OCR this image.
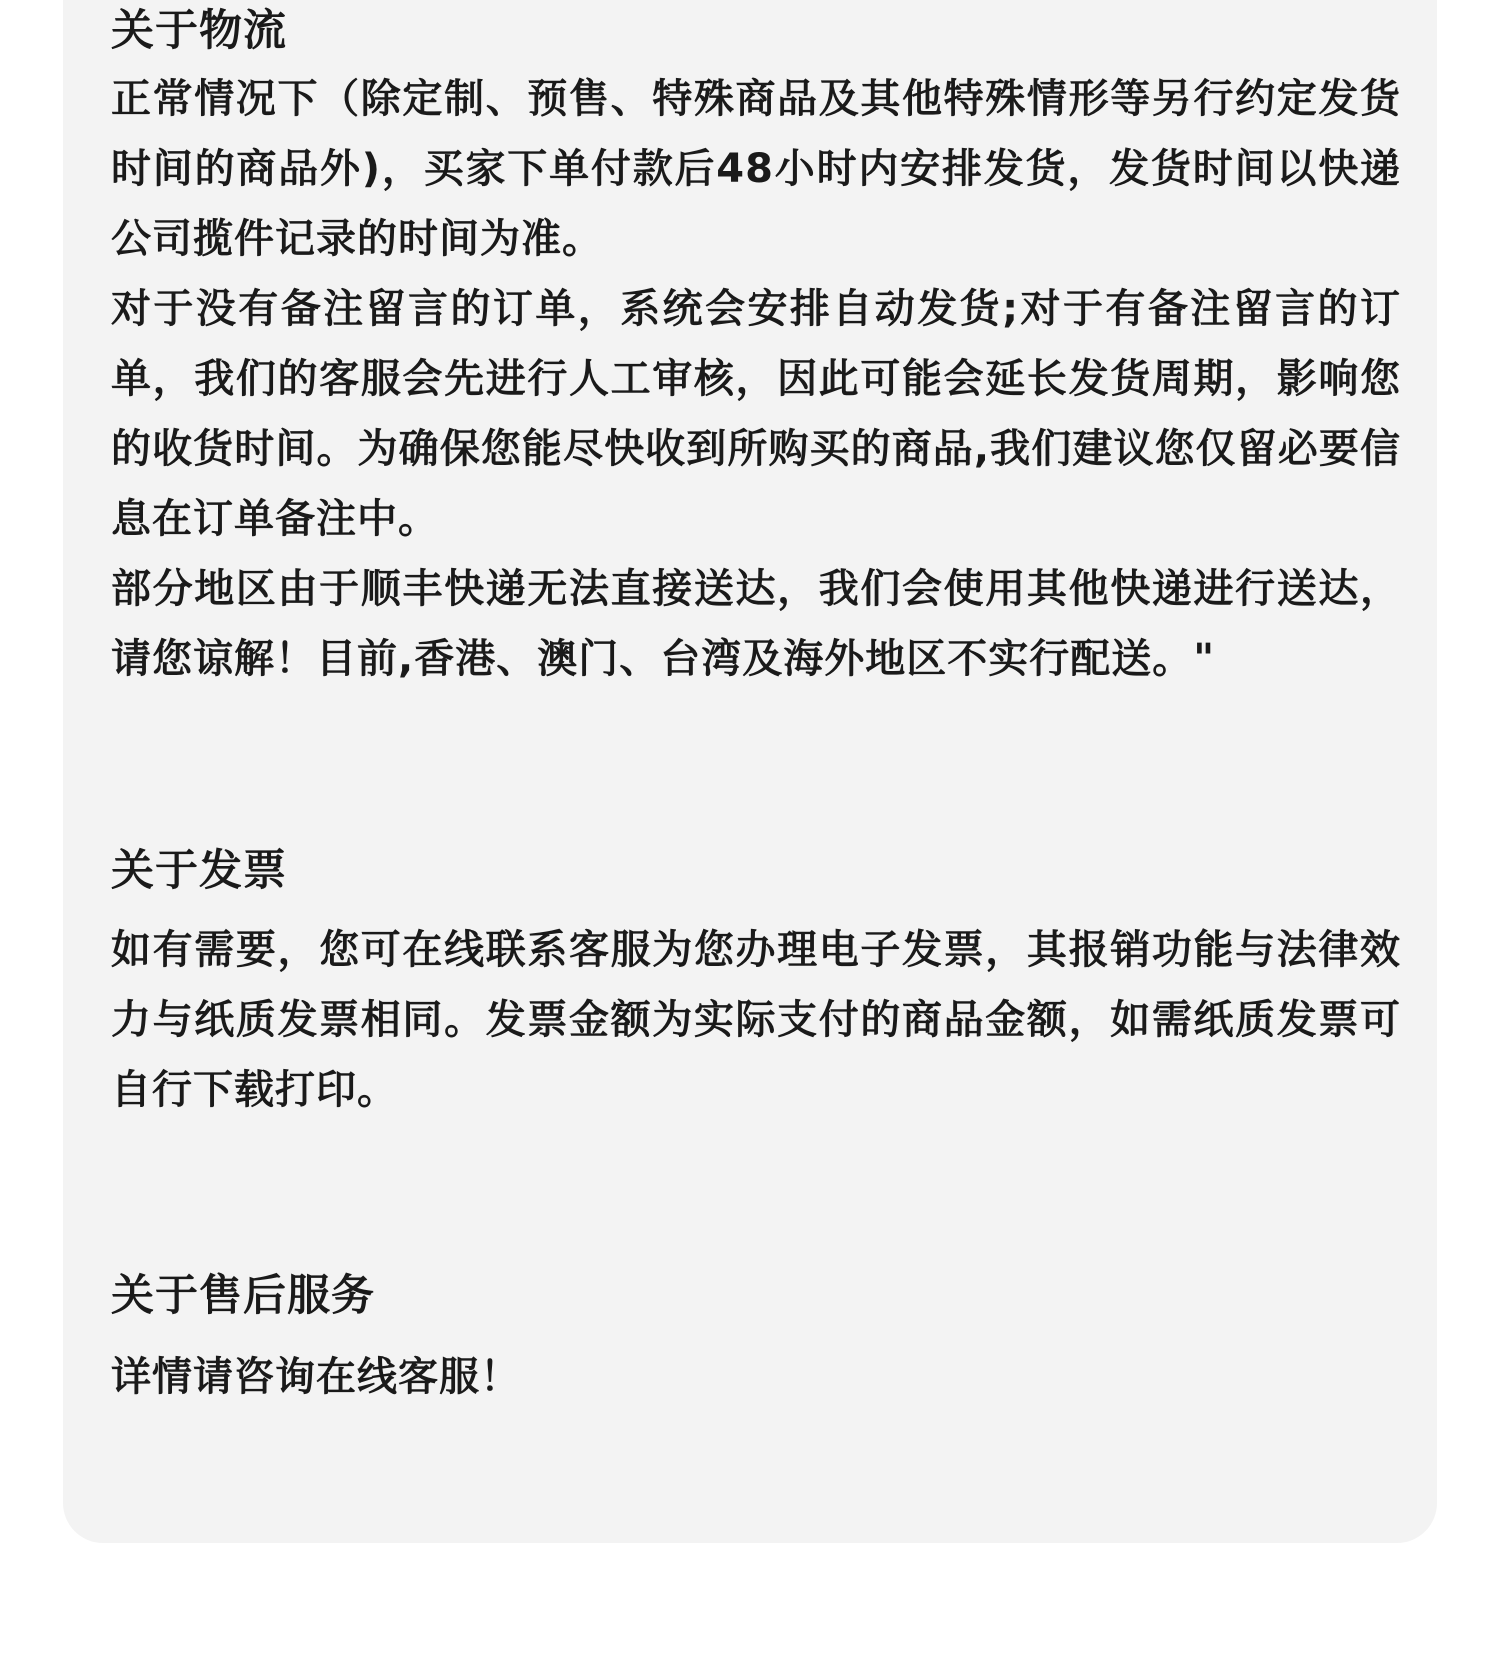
关于物流

正常情况下（除定制、预售、特殊商品及其他特殊情形等另行约定发货时间的商品外)，买家下单付款后48小时内安排发货，发货时间以快递公司揽件记录的时间为准。

对于没有备注留言的订单，系统会安排自动发货;对于有备注留言的订单，我们的客服会先进行人工审核，因此可能会延长发货周期，影响您的收货时间。为确保您能尽快收到所购买的商品,我们建议您仅留必要信息在订单备注中。

部分地区由于顺丰快递无法直接送达，我们会使用其他快递进行送达，请您谅解！目前,香港、澳门、台湾及海外地区不实行配送。"

关于发票

如有需要，您可在线联系客服为您办理电子发票，其报销功能与法律效力与纸质发票相同。发票金额为实际支付的商品金额，如需纸质发票可自行下载打印。

关于售后服务

详情请咨询在线客服！
